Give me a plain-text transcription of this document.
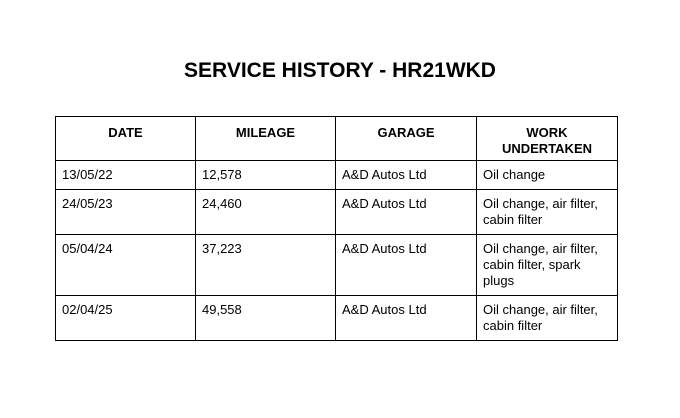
SERVICE HISTORY - HR21WKD
DATE	MILEAGE	GARAGE	WORK UNDERTAKEN
13/05/22	12,578	A&D Autos Ltd	Oil change
24/05/23	24,460	A&D Autos Ltd	Oil change, air filter, cabin filter
05/04/24	37,223	A&D Autos Ltd	Oil change, air filter, cabin filter, spark plugs
02/04/25	49,558	A&D Autos Ltd	Oil change, air filter, cabin filter
